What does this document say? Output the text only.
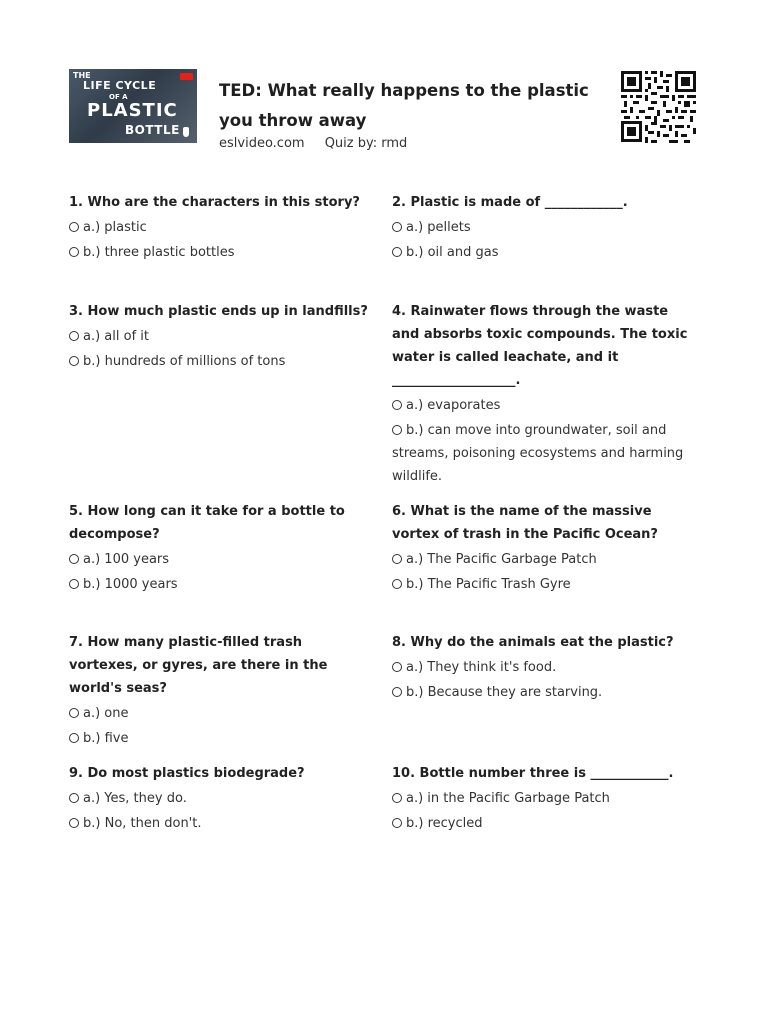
THE
LIFE CYCLE
OF A
PLASTIC
BOTTLE
TED: What really happens to the plastic you throw away
eslvideo.com Quiz by: rmd
1. Who are the characters in this story?
a.) plastic
b.) three plastic bottles
2. Plastic is made of ____________.
a.) pellets
b.) oil and gas
3. How much plastic ends up in landfills?
a.) all of it
b.) hundreds of millions of tons
4. Rainwater flows through the waste and absorbs toxic compounds. The toxic water is called leachate, and it ___________________.
a.) evaporates
b.) can move into groundwater, soil and streams, poisoning ecosystems and harming wildlife.
5. How long can it take for a bottle to decompose?
a.) 100 years
b.) 1000 years
6. What is the name of the massive vortex of trash in the Pacific Ocean?
a.) The Pacific Garbage Patch
b.) The Pacific Trash Gyre
7. How many plastic-filled trash vortexes, or gyres, are there in the world's seas?
a.) one
b.) five
8. Why do the animals eat the plastic?
a.) They think it's food.
b.) Because they are starving.
9. Do most plastics biodegrade?
a.) Yes, they do.
b.) No, then don't.
10. Bottle number three is ____________.
a.) in the Pacific Garbage Patch
b.) recycled
